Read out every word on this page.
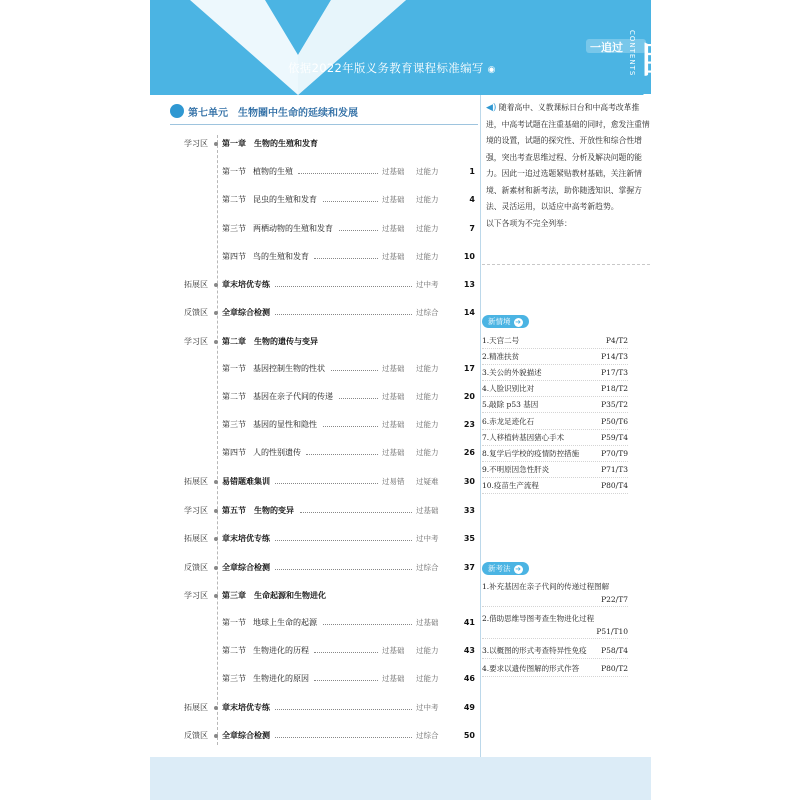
依据2022年版义务教育课程标准编写 ◉	CONTENTS 目录
第七单元　生物圈中生命的延续和发展
学习区 第一章　生物的生殖和发育
第一节 植物的生殖	过基础 过能力	1
第二节 昆虫的生殖和发育	过基础 过能力	4
第三节 两栖动物的生殖和发育	过基础 过能力	7
第四节 鸟的生殖和发育	过基础 过能力	10
拓展区 章末培优专练	过中考	13
反馈区 全章综合检测	过综合	14
学习区 第二章　生物的遗传与变异
第一节 基因控制生物的性状	过基础 过能力	17
第二节 基因在亲子代间的传递	过基础 过能力	20
第三节 基因的显性和隐性	过基础 过能力	23
第四节 人的性别遗传	过基础 过能力	26
拓展区 易错题难集训	过易错 过疑难	30
学习区 第五节　生物的变异	过基础	33
拓展区 章末培优专练	过中考	35
反馈区 全章综合检测	过综合	37
学习区 第三章　生命起源和生物进化
第一节 地球上生命的起源	过基础	41
第二节 生物进化的历程	过基础 过能力	43
第三节 生物进化的原因	过基础 过能力	46
拓展区 章末培优专练	过中考	49
反馈区 全章综合检测	过综合	50
◀) 随着高中、义教课标日台和中高考改革推进，中高考试题在注重基础的同时，愈发注重情境的设置，试题的探究性、开放性和综合性增强，突出考查思维过程、分析及解决问题的能力。因此一追过选题紧贴教材基础，关注新情境、新素材和新考法，助你随透知识、掌握方法、灵活运用，以适应中高考新趋势。
以下各项为不完全列举：
新情境 ➜
1.天宫二号	P4/T2
2.精准扶贫	P14/T3
3.关公的外貌描述	P17/T3
4.人脸识别比对	P18/T2
5.敲除 p53 基因	P35/T2
6.赤龙足迹化石	P50/T6
7.人移植转基因猪心手术	P59/T4
8.复学后学校的疫情防控措施	P70/T9
9.不明原因急性肝炎	P71/T3
10.疫苗生产流程	P80/T4
新考法 ➜
1.补充基因在亲子代间的传递过程图解
P22/T7
2.借助思维导图考查生物进化过程
P51/T10
3.以概图的形式考查特异性免疫 P58/T4
4.要求以遗传图解的形式作答	P80/T2
一追过
